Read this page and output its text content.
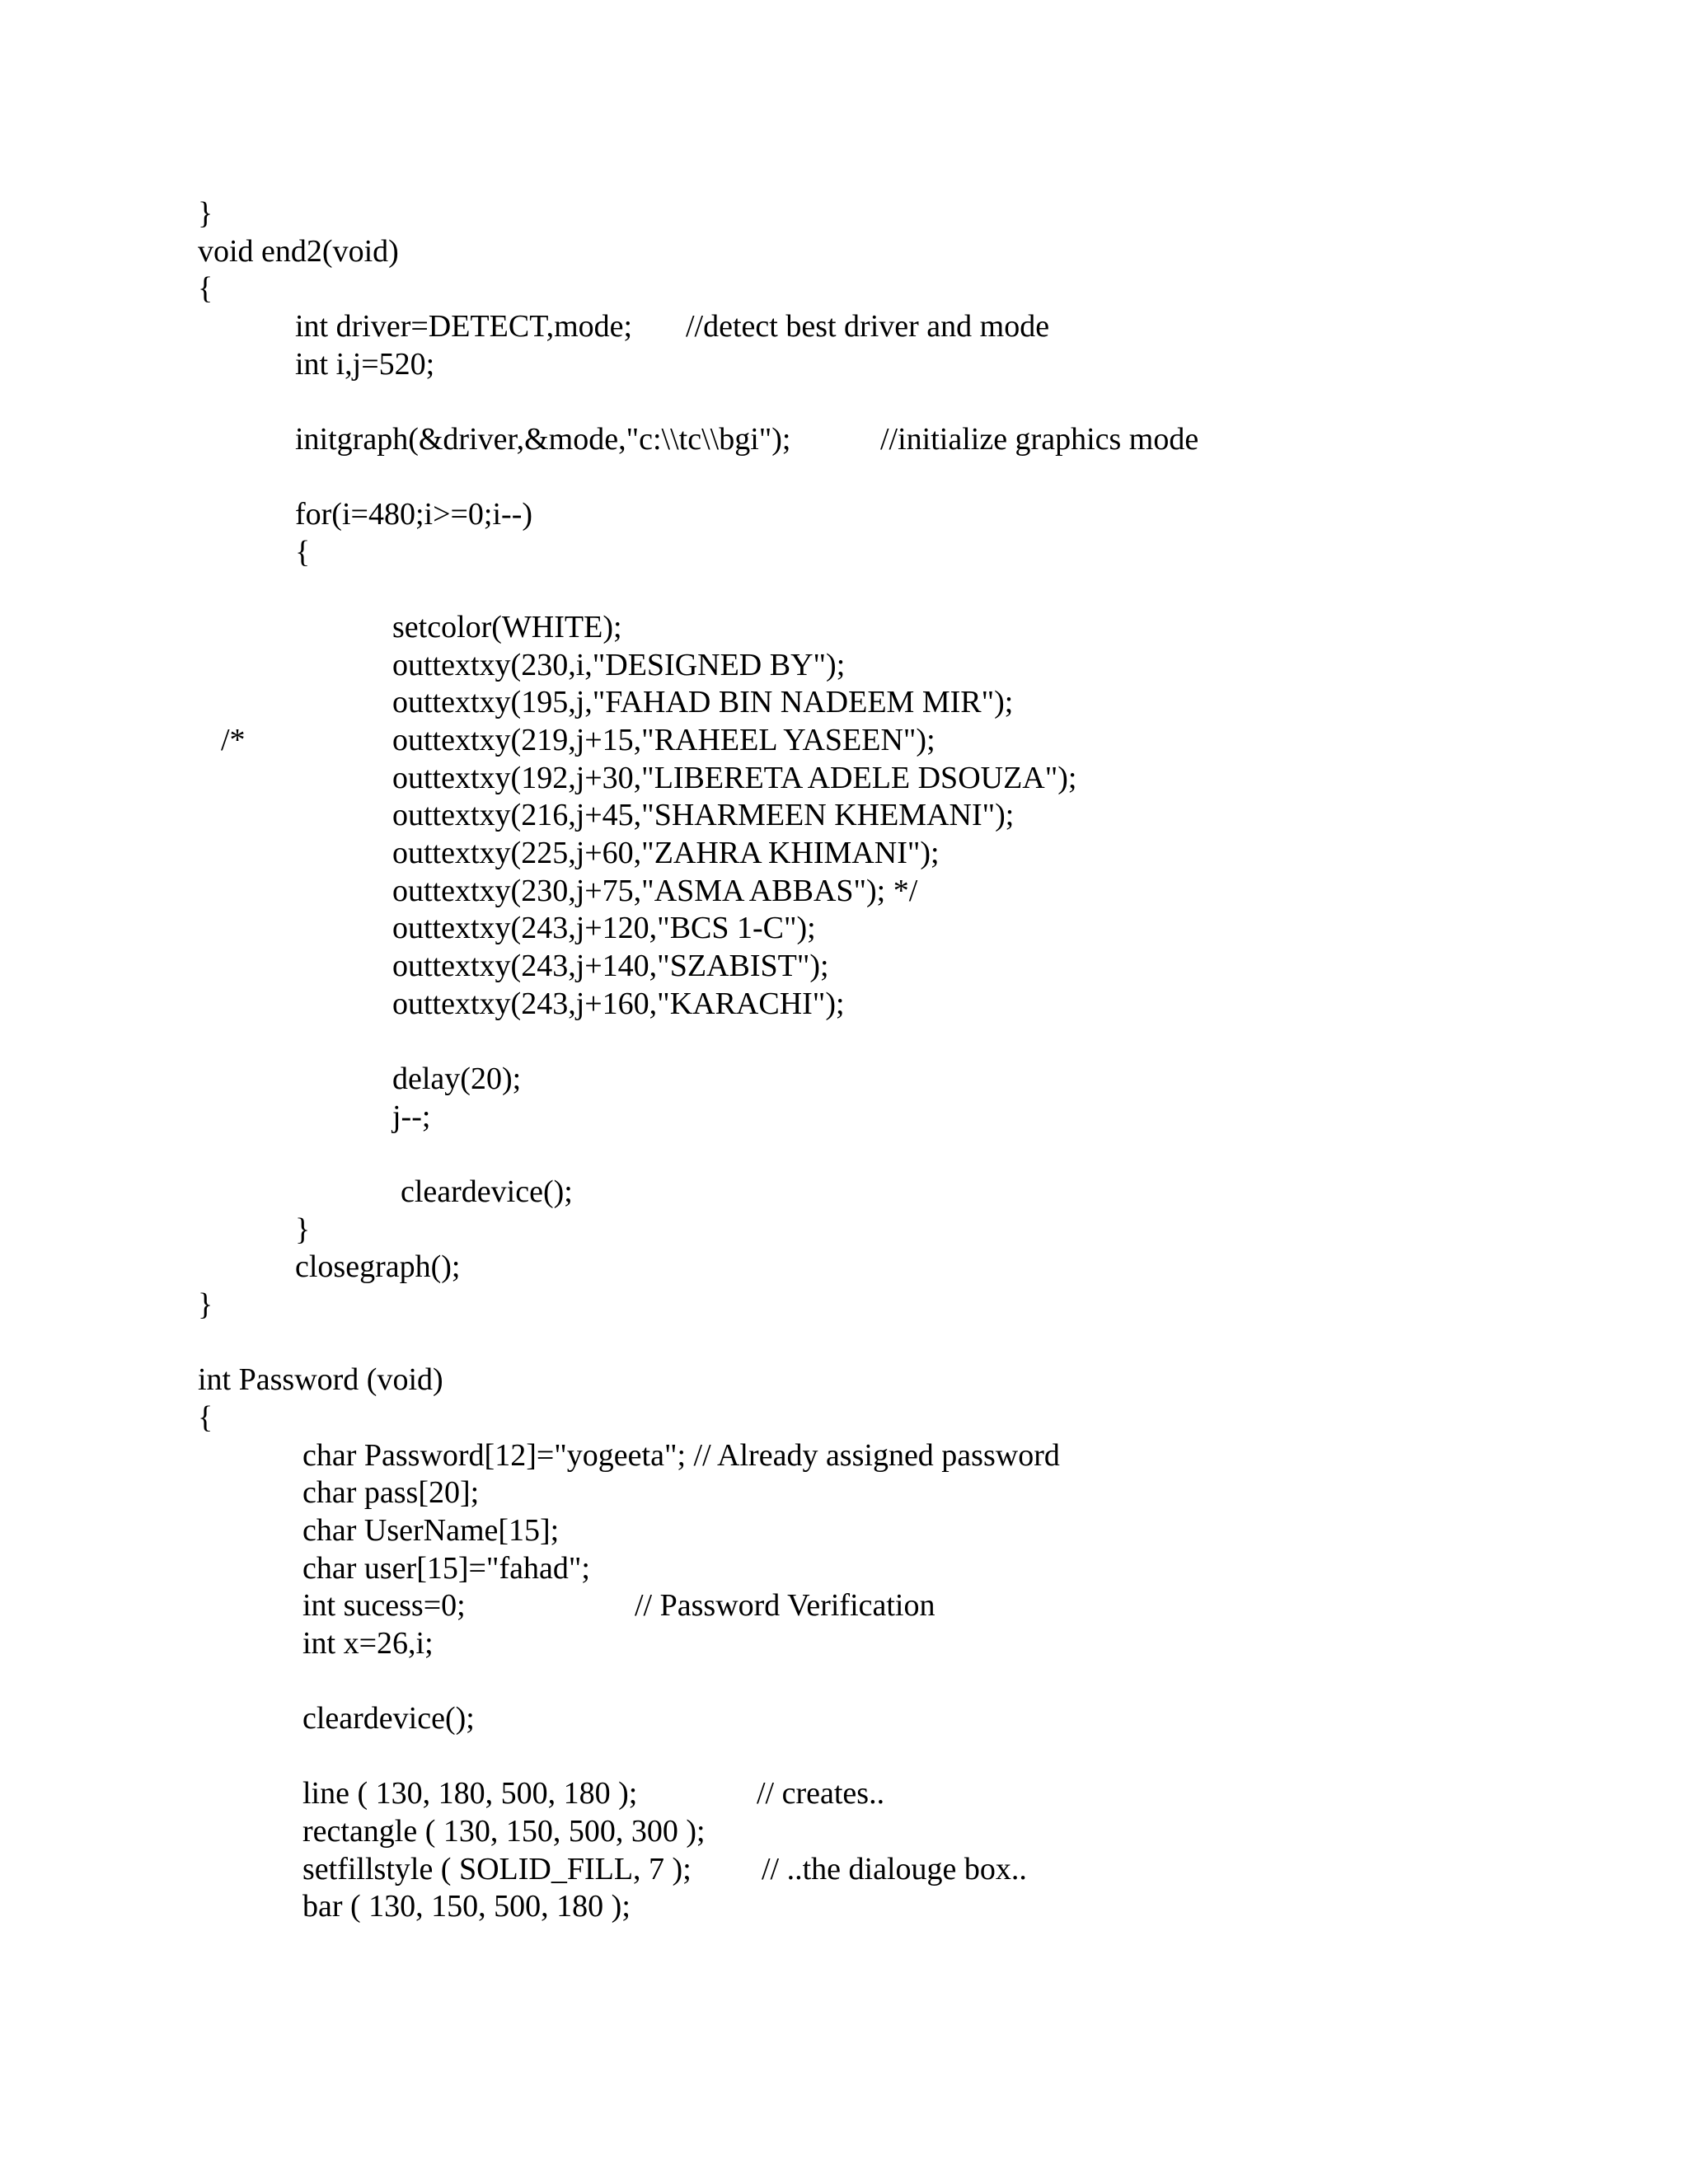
}
void end2(void)
{
int driver=DETECT,mode; //detect best driver and mode
int i,j=520;
initgraph(&driver,&mode,"c:\\tc\\bgi");	//initialize graphics mode
for(i=480;i>=0;i--)
{
setcolor(WHITE);
outtextxy(230,i,"DESIGNED BY");
outtextxy(195,j,"FAHAD BIN NADEEM MIR");
/*	outtextxy(219,j+15,"RAHEEL YASEEN");
outtextxy(192,j+30,"LIBERETA ADELE DSOUZA");
outtextxy(216,j+45,"SHARMEEN KHEMANI");
outtextxy(225,j+60,"ZAHRA KHIMANI");
outtextxy(230,j+75,"ASMA ABBAS"); */
outtextxy(243,j+120,"BCS 1-C");
outtextxy(243,j+140,"SZABIST");
outtextxy(243,j+160,"KARACHI");
delay(20);
j--;
cleardevice();
}
closegraph();
}
int Password (void)
{
char Password[12]="yogeeta"; // Already assigned password
char pass[20];
char UserName[15];
char user[15]="fahad";
int sucess=0;	// Password Verification
int x=26,i;
cleardevice();
line ( 130, 180, 500, 180 );	// creates..
rectangle ( 130, 150, 500, 300 );
setfillstyle ( SOLID_FILL, 7 ); // ..the dialouge box..
bar ( 130, 150, 500, 180 );
